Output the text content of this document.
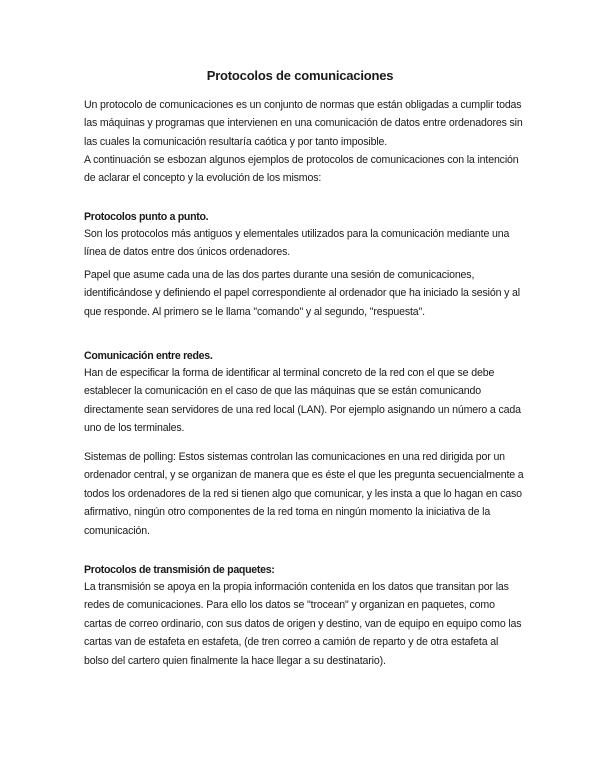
Protocolos de comunicaciones

Un protocolo de comunicaciones es un conjunto de normas que están obligadas a cumplir todas las máquinas y programas que intervienen en una comunicación de datos entre ordenadores sin las cuales la comunicación resultaría caótica y por tanto imposible.

A continuación se esbozan algunos ejemplos de protocolos de comunicaciones con la intención de aclarar el concepto y la evolución de los mismos:

Protocolos punto a punto.

Son los protocolos más antiguos y elementales utilizados para la comunicación mediante una línea de datos entre dos únicos ordenadores.

Papel que asume cada una de las dos partes durante una sesión de comunicaciones, identificándose y definiendo el papel correspondiente al ordenador que ha iniciado la sesión y al que responde. Al primero se le llama "comando" y al segundo, "respuesta".

Comunicación entre redes.

Han de especificar la forma de identificar al terminal concreto de la red con el que se debe establecer la comunicación en el caso de que las máquinas que se están comunicando directamente sean servidores de una red local (LAN). Por ejemplo asignando un número a cada uno de los terminales.

Sistemas de polling: Estos sistemas controlan las comunicaciones en una red dirigida por un ordenador central, y se organizan de manera que es éste el que les pregunta secuencialmente a todos los ordenadores de la red si tienen algo que comunicar, y les insta a que lo hagan en caso afirmativo, ningún otro componentes de la red toma en ningún momento la iniciativa de la comunicación.

Protocolos de transmisión de paquetes:

La transmisión se apoya en la propia información contenida en los datos que transitan por las redes de comunicaciones. Para ello los datos se "trocean" y organizan en paquetes, como cartas de correo ordinario, con sus datos de origen y destino, van de equipo en equipo como las cartas van de estafeta en estafeta, (de tren correo a camión de reparto y de otra estafeta al bolso del cartero quien finalmente la hace llegar a su destinatario).
